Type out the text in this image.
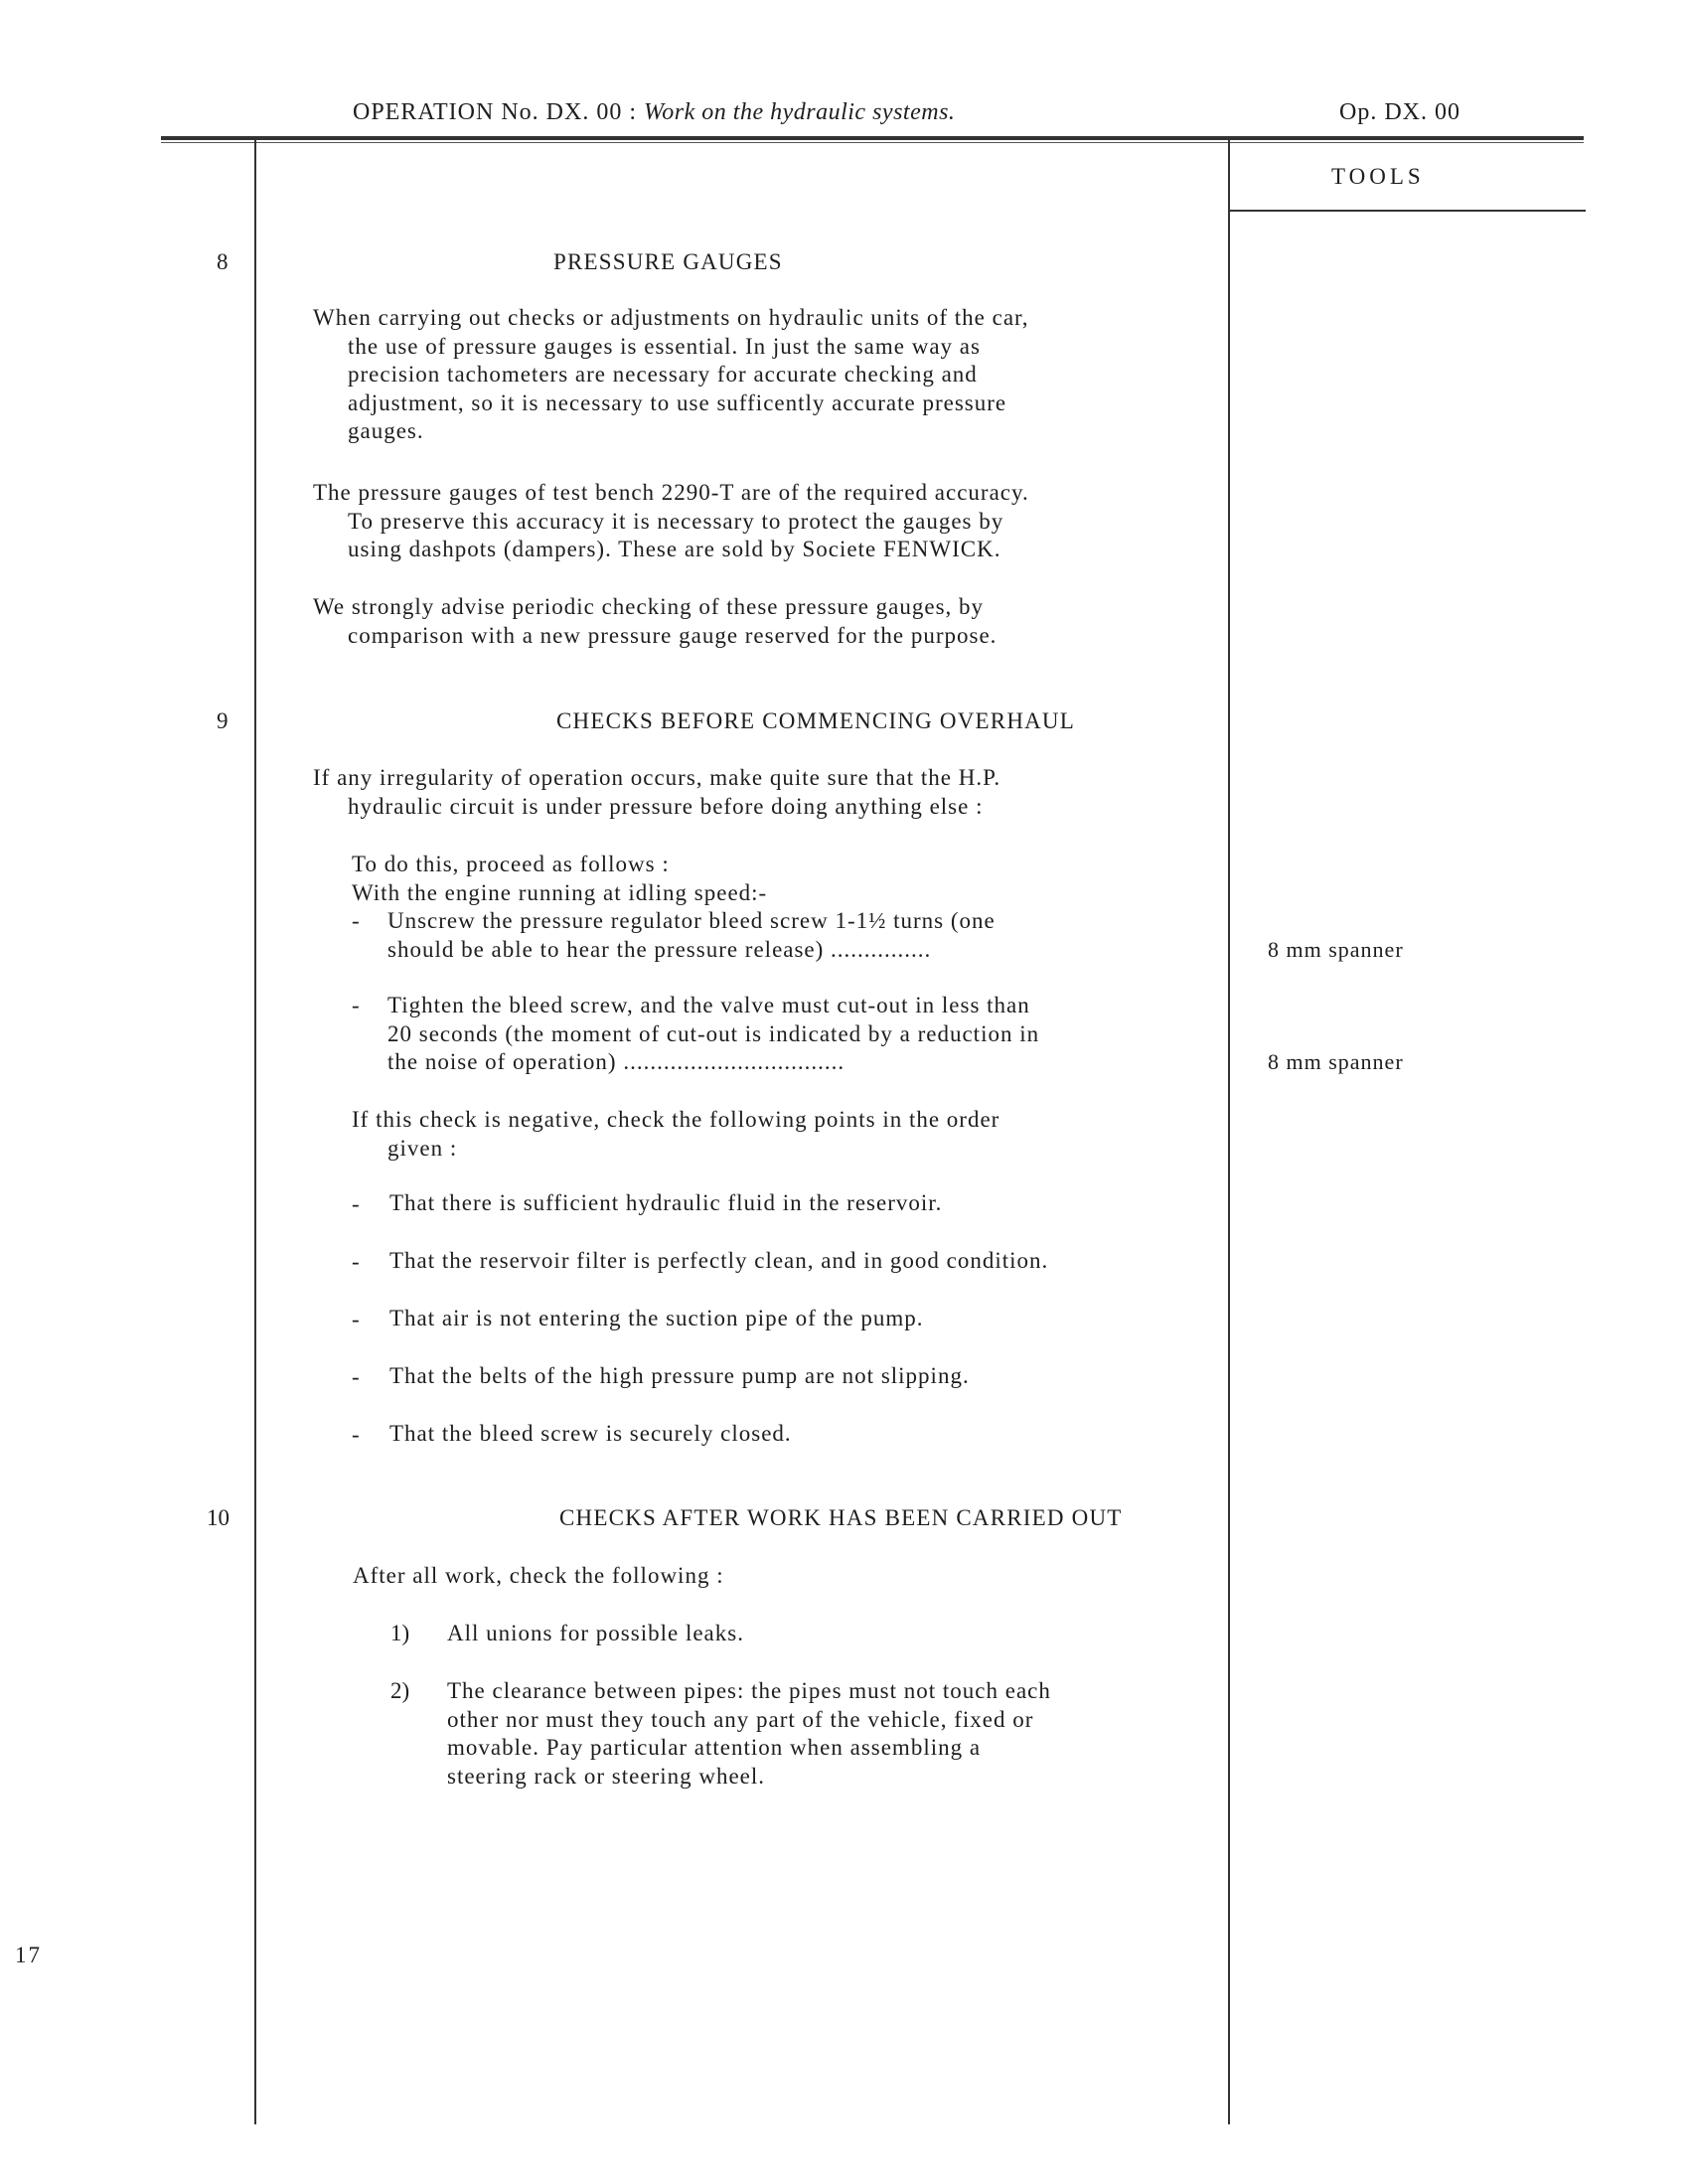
OPERATION No. DX. 00 : Work on the hydraulic systems.	Op. DX. 00
TOOLS
8	PRESSURE GAUGES
When carrying out checks or adjustments on hydraulic units of the car,
the use of pressure gauges is essential. In just the same way as
precision tachometers are necessary for accurate checking and
adjustment, so it is necessary to use sufficently accurate pressure
gauges.
The pressure gauges of test bench 2290-T are of the required accuracy.
To preserve this accuracy it is necessary to protect the gauges by
using dashpots (dampers). These are sold by Societe FENWICK.
We strongly advise periodic checking of these pressure gauges, by
comparison with a new pressure gauge reserved for the purpose.
9	CHECKS BEFORE COMMENCING OVERHAUL
If any irregularity of operation occurs, make quite sure that the H.P.
hydraulic circuit is under pressure before doing anything else :
To do this, proceed as follows :
With the engine running at idling speed:-
- Unscrew the pressure regulator bleed screw 1-1½ turns (one
should be able to hear the pressure release) ...............	8 mm spanner
- Tighten the bleed screw, and the valve must cut-out in less than
20 seconds (the moment of cut-out is indicated by a reduction in
the noise of operation) .................................	8 mm spanner
If this check is negative, check the following points in the order
given :
- That there is sufficient hydraulic fluid in the reservoir.
- That the reservoir filter is perfectly clean, and in good condition.
- That air is not entering the suction pipe of the pump.
- That the belts of the high pressure pump are not slipping.
- That the bleed screw is securely closed.
10	CHECKS AFTER WORK HAS BEEN CARRIED OUT
After all work, check the following :
1) All unions for possible leaks.
2) The clearance between pipes: the pipes must not touch each
other nor must they touch any part of the vehicle, fixed or
movable. Pay particular attention when assembling a
steering rack or steering wheel.
17
